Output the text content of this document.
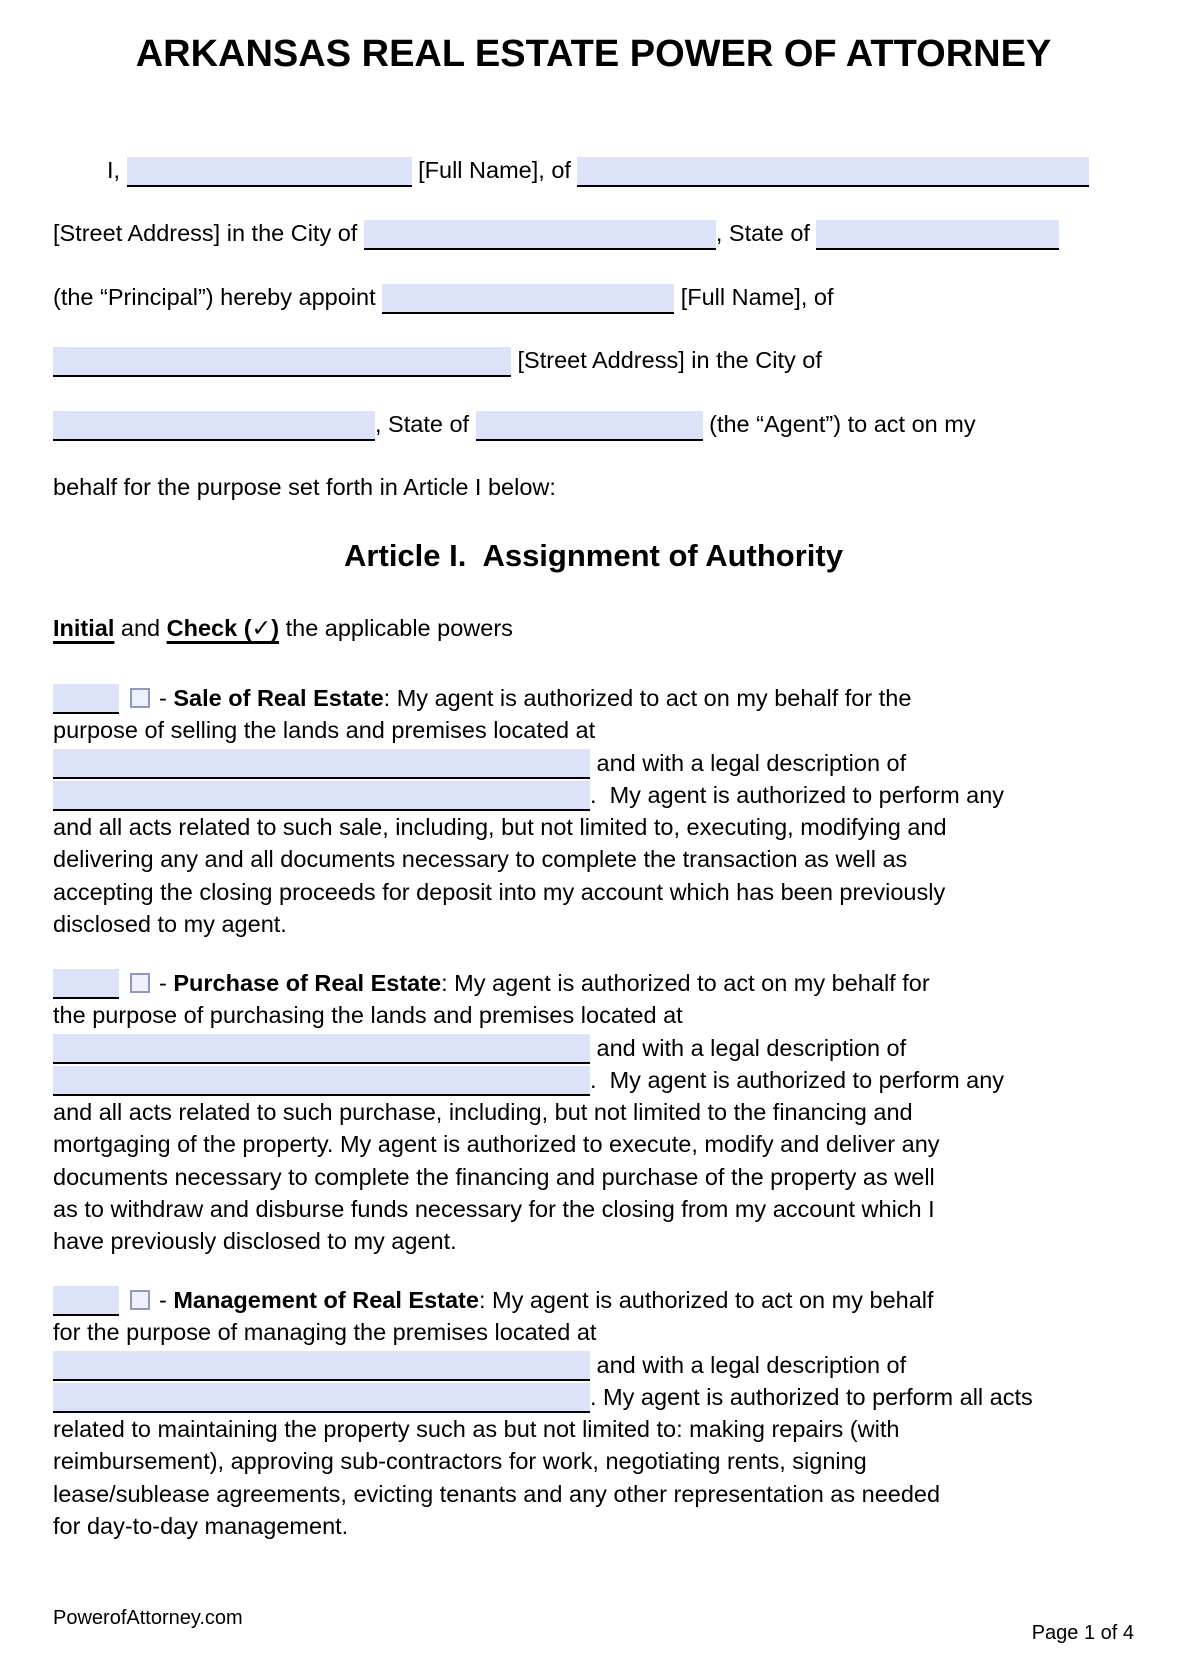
ARKANSAS REAL ESTATE POWER OF ATTORNEY
I,	[Full Name], of
[Street Address] in the City of	, State of
(the “Principal”) hereby appoint	[Full Name], of
[Street Address] in the City of
, State of	(the “Agent”) to act on my
behalf for the purpose set forth in Article I below:
Article I.  Assignment of Authority
Initial and Check (✓) the applicable powers
- Sale of Real Estate: My agent is authorized to act on my behalf for the
purpose of selling the lands and premises located at
and with a legal description of
.  My agent is authorized to perform any
and all acts related to such sale, including, but not limited to, executing, modifying and
delivering any and all documents necessary to complete the transaction as well as
accepting the closing proceeds for deposit into my account which has been previously
disclosed to my agent.
- Purchase of Real Estate: My agent is authorized to act on my behalf for
the purpose of purchasing the lands and premises located at
and with a legal description of
.  My agent is authorized to perform any
and all acts related to such purchase, including, but not limited to the financing and
mortgaging of the property. My agent is authorized to execute, modify and deliver any
documents necessary to complete the financing and purchase of the property as well
as to withdraw and disburse funds necessary for the closing from my account which I
have previously disclosed to my agent.
- Management of Real Estate: My agent is authorized to act on my behalf
for the purpose of managing the premises located at
and with a legal description of
. My agent is authorized to perform all acts
related to maintaining the property such as but not limited to: making repairs (with
reimbursement), approving sub-contractors for work, negotiating rents, signing
lease/sublease agreements, evicting tenants and any other representation as needed
for day-to-day management.
PowerofAttorney.com
Page 1 of 4
